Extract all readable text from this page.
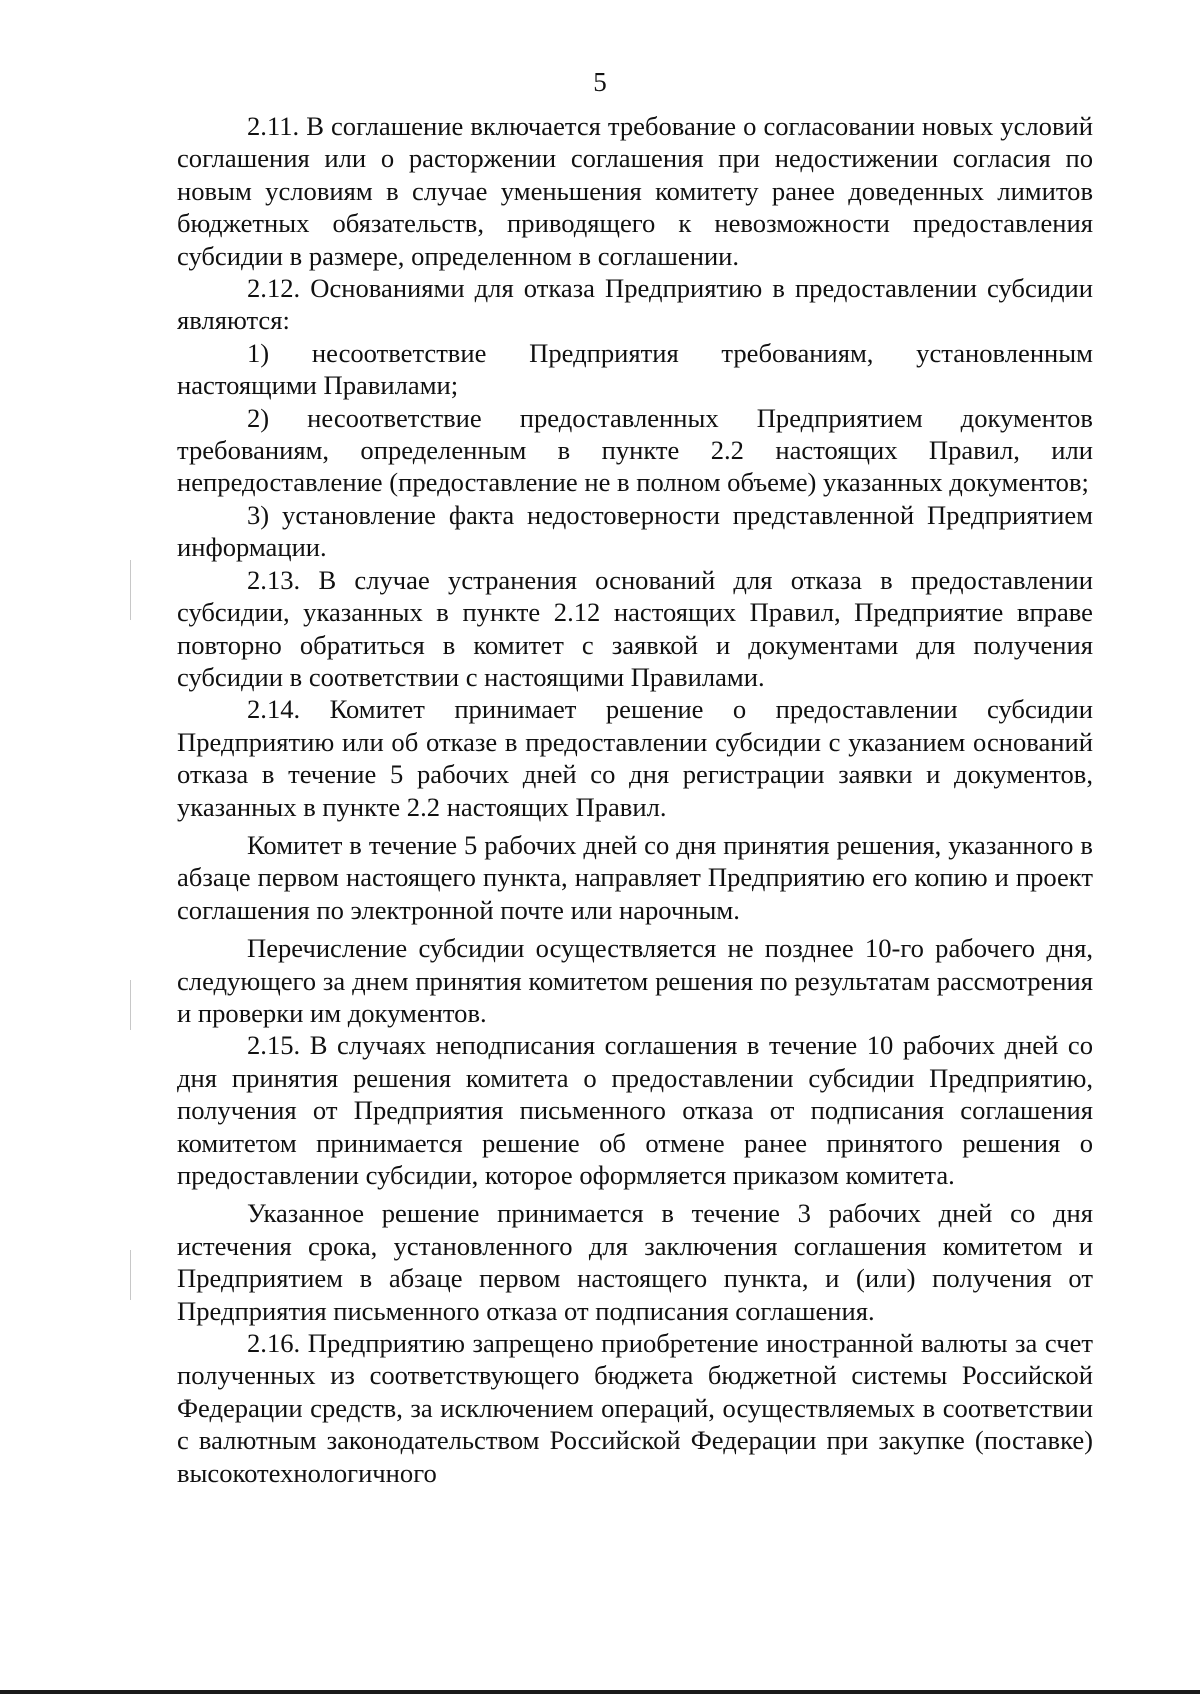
5

2.11. В соглашение включается требование о согласовании новых условий соглашения или о расторжении соглашения при недостижении согласия по новым условиям в случае уменьшения комитету ранее доведенных лимитов бюджетных обязательств, приводящего к невозможности предоставления субсидии в размере, определенном в соглашении.

2.12. Основаниями для отказа Предприятию в предоставлении субсидии являются:

1) несоответствие Предприятия требованиям, установленным настоящими Правилами;

2) несоответствие предоставленных Предприятием документов требованиям, определенным в пункте 2.2 настоящих Правил, или непредоставление (предоставление не в полном объеме) указанных документов;

3) установление факта недостоверности представленной Предприятием информации.

2.13. В случае устранения оснований для отказа в предоставлении субсидии, указанных в пункте 2.12 настоящих Правил, Предприятие вправе повторно обратиться в комитет с заявкой и документами для получения субсидии в соответствии с настоящими Правилами.

2.14. Комитет принимает решение о предоставлении субсидии Предприятию или об отказе в предоставлении субсидии с указанием оснований отказа в течение 5 рабочих дней со дня регистрации заявки и документов, указанных в пункте 2.2 настоящих Правил.

Комитет в течение 5 рабочих дней со дня принятия решения, указанного в абзаце первом настоящего пункта, направляет Предприятию его копию и проект соглашения по электронной почте или нарочным.

Перечисление субсидии осуществляется не позднее 10-го рабочего дня, следующего за днем принятия комитетом решения по результатам рассмотрения и проверки им документов.

2.15. В случаях неподписания соглашения в течение 10 рабочих дней со дня принятия решения комитета о предоставлении субсидии Предприятию, получения от Предприятия письменного отказа от подписания соглашения комитетом принимается решение об отмене ранее принятого решения о предоставлении субсидии, которое оформляется приказом комитета.

Указанное решение принимается в течение 3 рабочих дней со дня истечения срока, установленного для заключения соглашения комитетом и Предприятием в абзаце первом настоящего пункта, и (или) получения от Предприятия письменного отказа от подписания соглашения.

2.16. Предприятию запрещено приобретение иностранной валюты за счет полученных из соответствующего бюджета бюджетной системы Российской Федерации средств, за исключением операций, осуществляемых в соответствии с валютным законодательством Российской Федерации при закупке (поставке) высокотехнологичного
